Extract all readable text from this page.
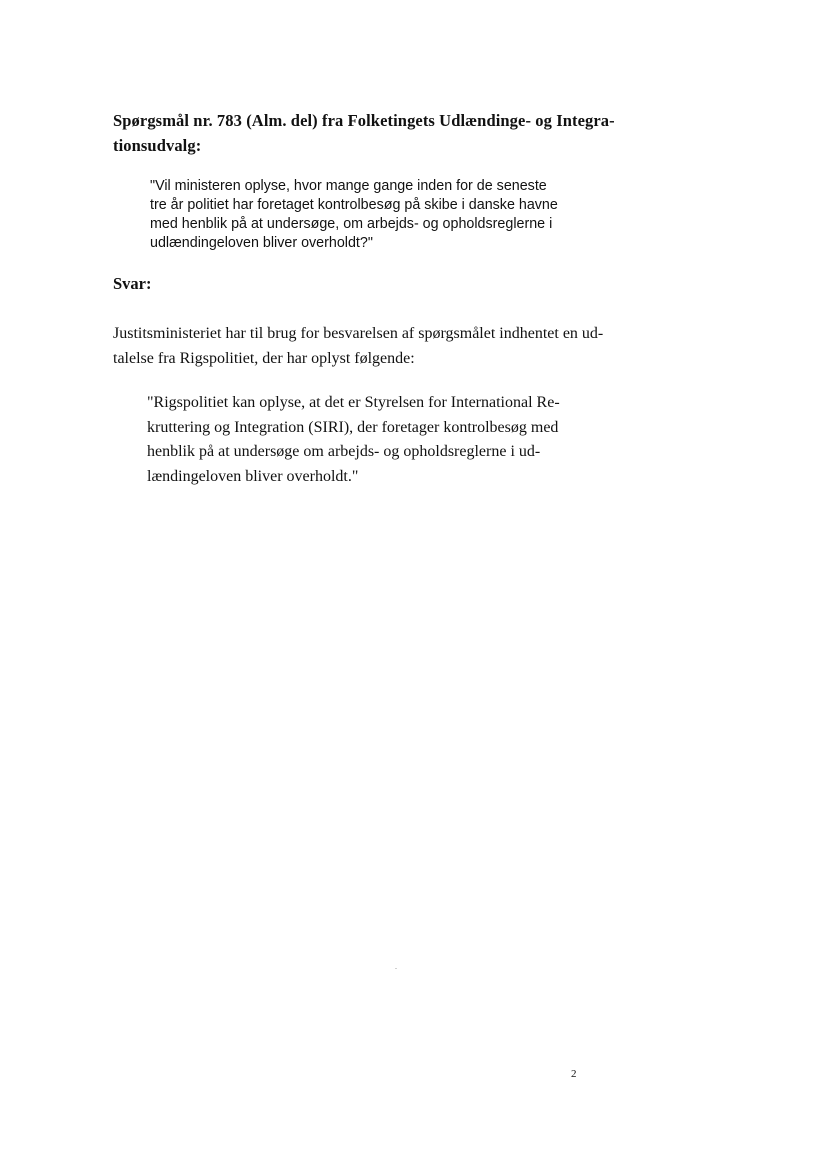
Spørgsmål nr. 783 (Alm. del) fra Folketingets Udlændinge- og Integra-
tionsudvalg:
"Vil ministeren oplyse, hvor mange gange inden for de seneste
tre år politiet har foretaget kontrolbesøg på skibe i danske havne
med henblik på at undersøge, om arbejds- og opholdsreglerne i
udlændingeloven bliver overholdt?"
Svar:
Justitsministeriet har til brug for besvarelsen af spørgsmålet indhentet en ud-
talelse fra Rigspolitiet, der har oplyst følgende:
"Rigspolitiet kan oplyse, at det er Styrelsen for International Re-
kruttering og Integration (SIRI), der foretager kontrolbesøg med
henblik på at undersøge om arbejds- og opholdsreglerne i ud-
lændingeloven bliver overholdt."
2
